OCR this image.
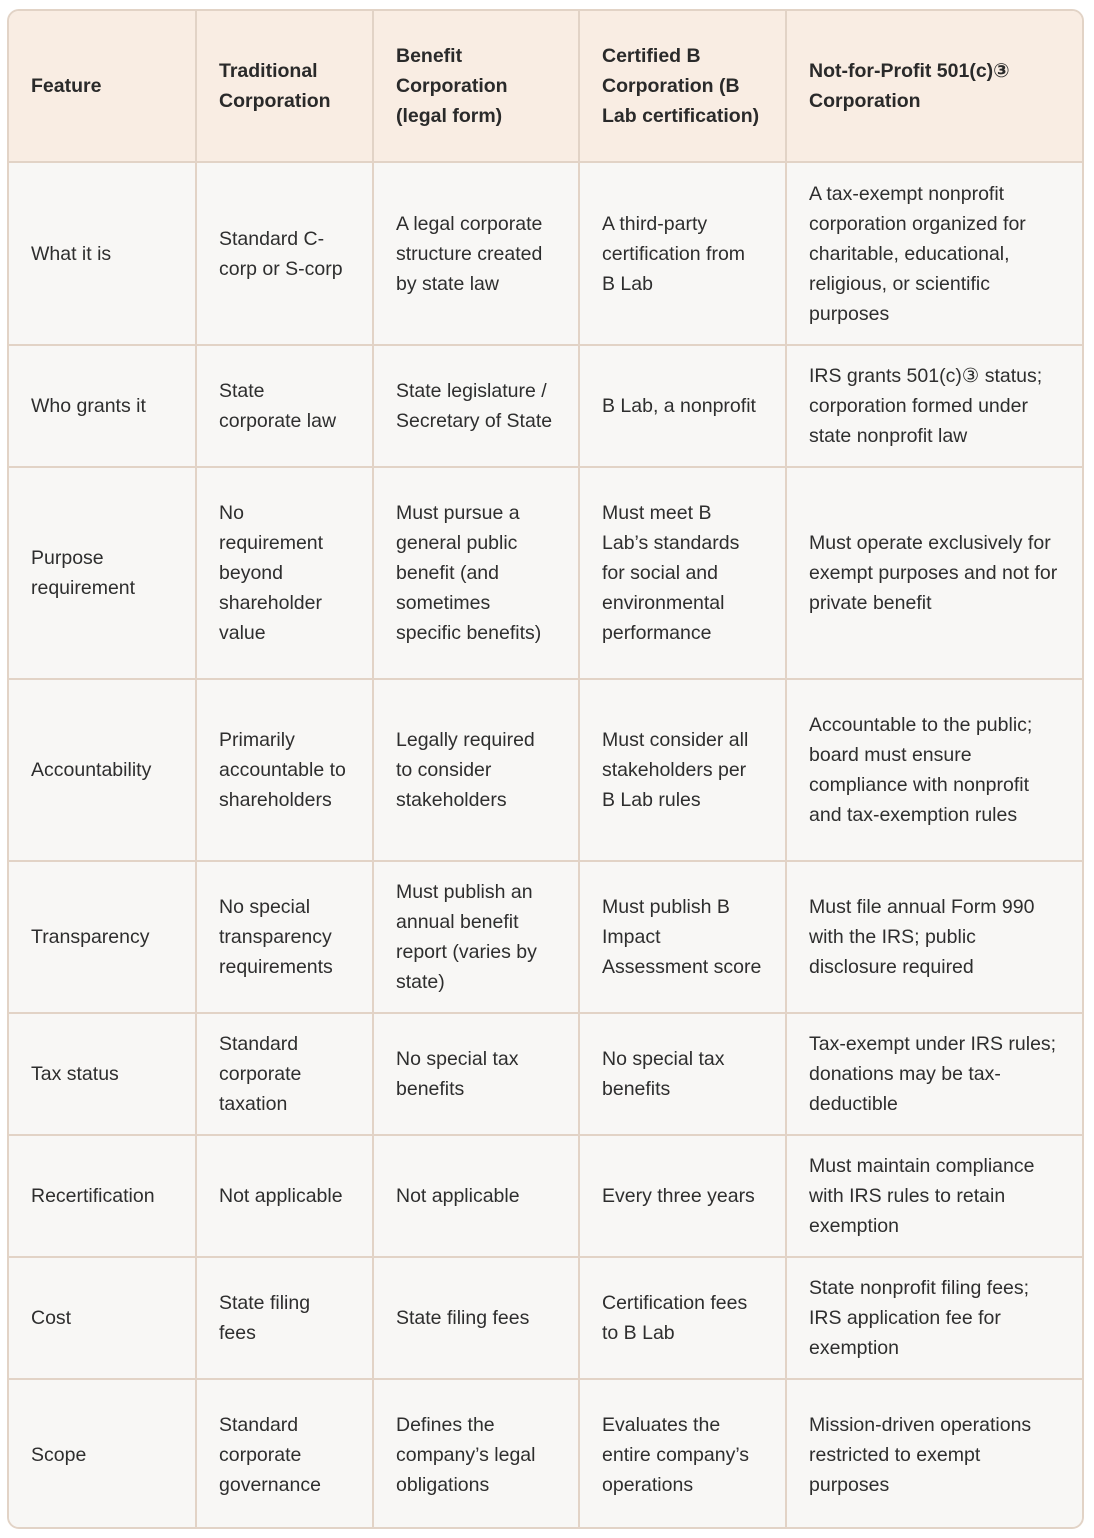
Feature	Traditional Corporation	Benefit Corporation (legal form)	Certified B Corporation (B Lab certification)	Not-for-Profit 501(c)③ Corporation
What it is	Standard C-corp or S-corp	A legal corporate structure created by state law	A third-party certification from B Lab	A tax-exempt nonprofit corporation organized for charitable, educational, religious, or scientific purposes
Who grants it	State corporate law	State legislature / Secretary of State	B Lab, a nonprofit	IRS grants 501(c)③ status; corporation formed under state nonprofit law
Purpose requirement	No requirement beyond shareholder value	Must pursue a general public benefit (and sometimes specific benefits)	Must meet B Lab’s standards for social and environmental performance	Must operate exclusively for exempt purposes and not for private benefit
Accountability	Primarily accountable to shareholders	Legally required to consider stakeholders	Must consider all stakeholders per B Lab rules	Accountable to the public; board must ensure compliance with nonprofit and tax-exemption rules
Transparency	No special transparency requirements	Must publish an annual benefit report (varies by state)	Must publish B Impact Assessment score	Must file annual Form 990 with the IRS; public disclosure required
Tax status	Standard corporate taxation	No special tax benefits	No special tax benefits	Tax-exempt under IRS rules; donations may be tax-deductible
Recertification	Not applicable	Not applicable	Every three years	Must maintain compliance with IRS rules to retain exemption
Cost	State filing fees	State filing fees	Certification fees to B Lab	State nonprofit filing fees; IRS application fee for exemption
Scope	Standard corporate governance	Defines the company’s legal obligations	Evaluates the entire company’s operations	Mission-driven operations restricted to exempt purposes
